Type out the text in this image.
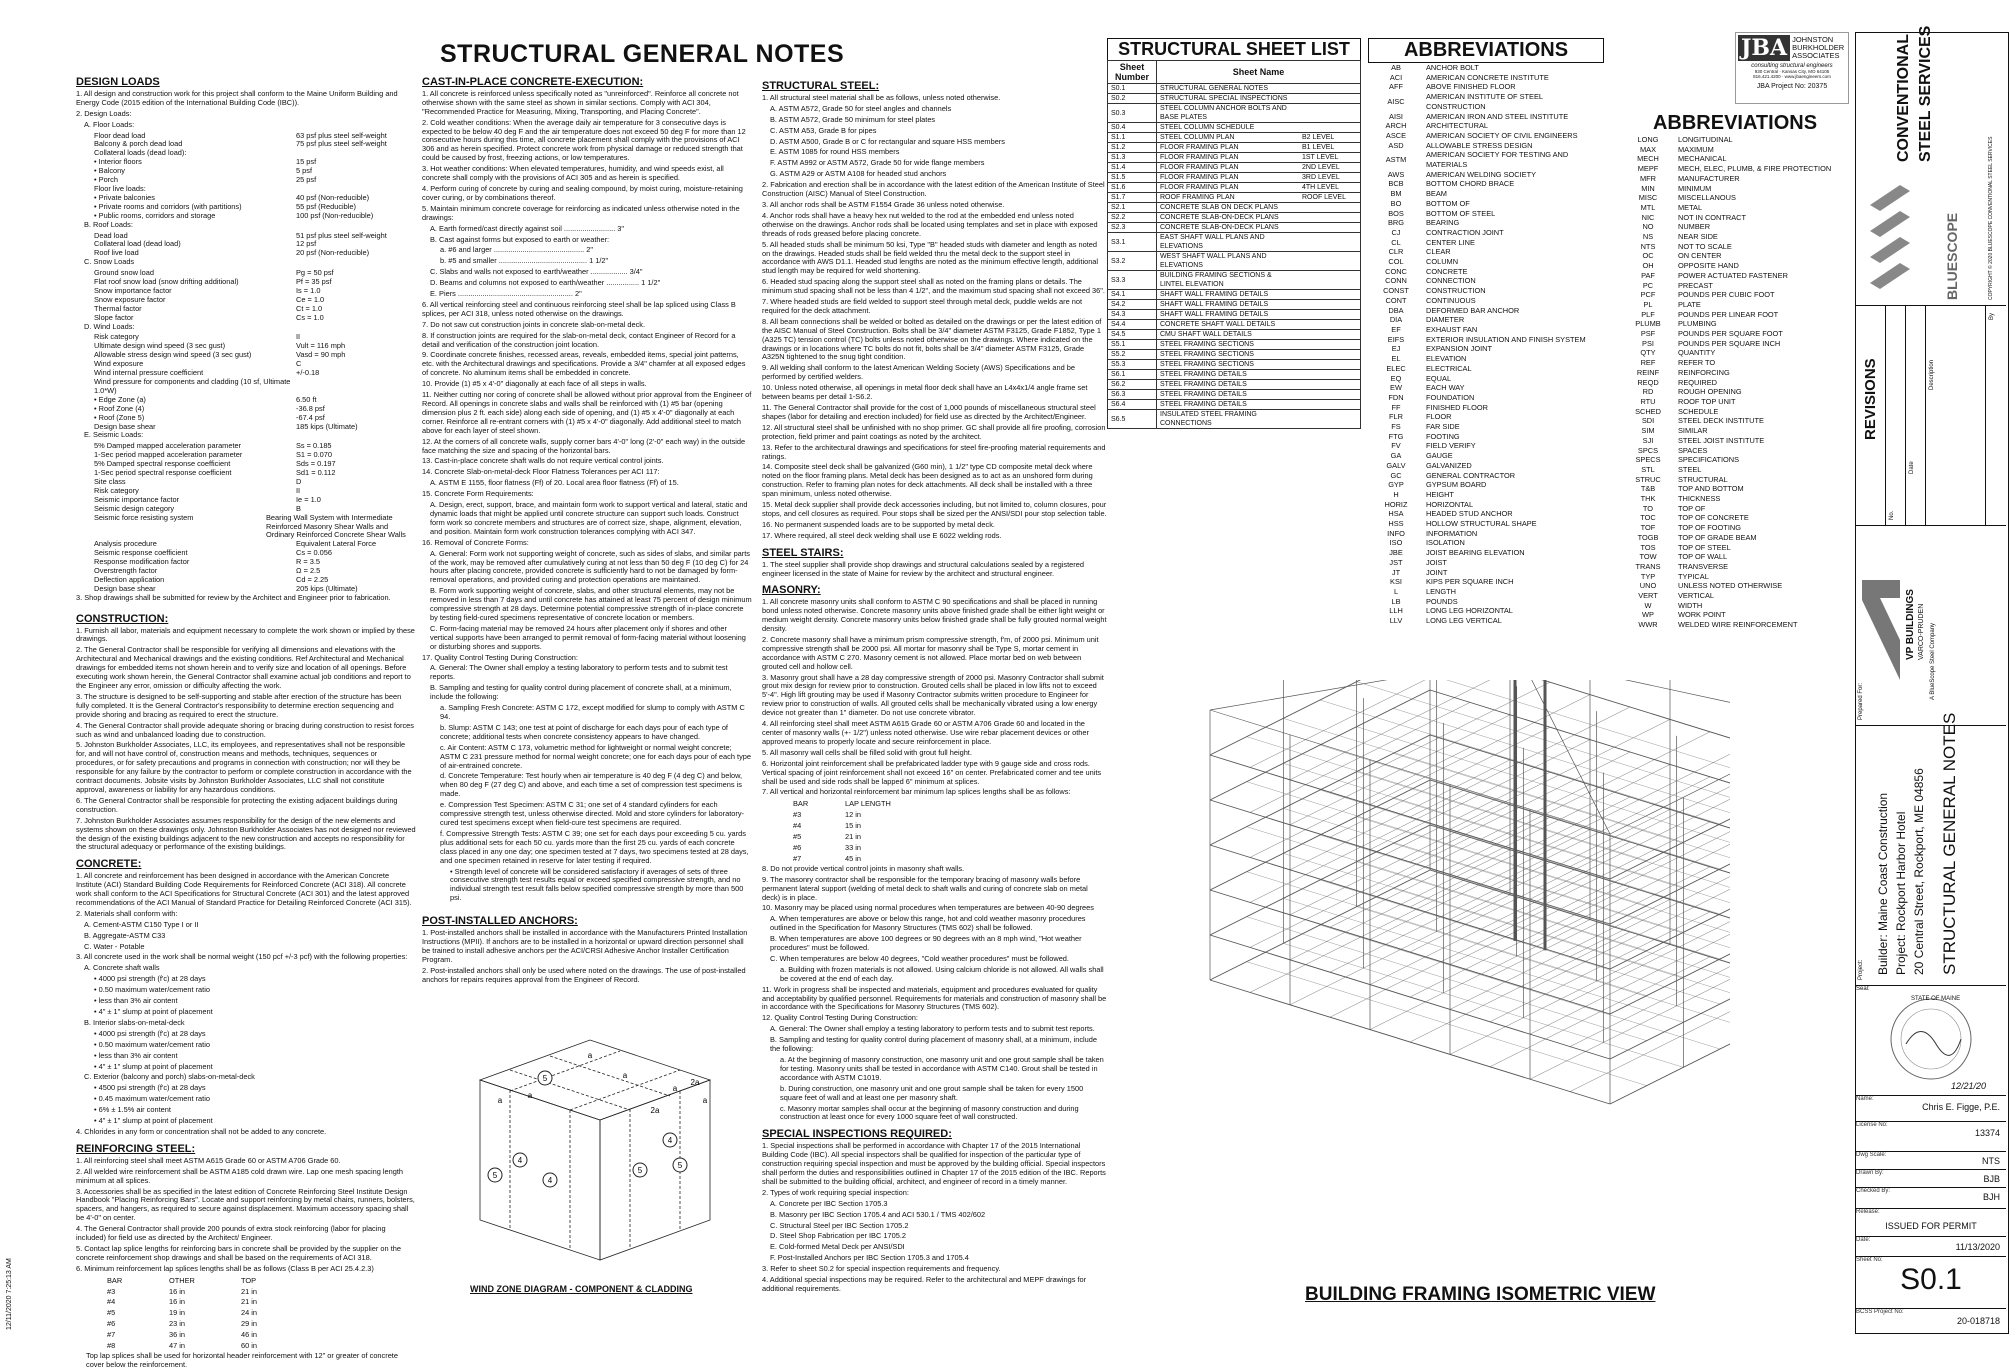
12/11/2020 7:25:13 AM
STRUCTURAL GENERAL NOTES
DESIGN LOADS

1. All design and construction work for this project shall conform to the Maine Uniform Building and Energy Code (2015 edition of the International Building Code (IBC)).

2. Design Loads:

A. Floor Loads:

Floor dead load	63 psf plus steel self-weight
Balcony & porch dead load	75 psf plus steel self-weight
Collateral loads (dead load):
• Interior floors	15 psf
• Balcony	5 psf
• Porch	25 psf
Floor live loads:
• Private balconies	40 psf (Non-reducible)
• Private rooms and corridors (with partitions)	55 psf (Reducible)
• Public rooms, corridors and storage	100 psf (Non-reducible)

B. Roof Loads:

Dead load	51 psf plus steel self-weight
Collateral load (dead load)	12 psf
Roof live load	20 psf (Non-reducible)

C. Snow Loads

Ground snow load	Pg = 50 psf
Flat roof snow load (snow drifting additional)	Pf = 35 psf
Snow importance factor	Is = 1.0
Snow exposure factor	Ce = 1.0
Thermal factor	Ct = 1.0
Slope factor	Cs = 1.0

D. Wind Loads:

Risk category	II
Ultimate design wind speed (3 sec gust)	Vult = 116 mph
Allowable stress design wind speed (3 sec gust)	Vasd = 90 mph
Wind exposure	C
Wind internal pressure coefficient	+/-0.18
Wind pressure for components and cladding (10 sf, Ultimate 1.0*W)
• Edge Zone (a)	6.50 ft
• Roof Zone (4)	-36.8 psf
• Roof (Zone 5)	-67.4 psf
Design base shear	185 kips (Ultimate)

E. Seismic Loads:

5% Damped mapped acceleration parameter	Ss = 0.185
1-Sec period mapped acceleration parameter	S1 = 0.070
5% Damped spectral response coefficient	Sds = 0.197
1-Sec period spectral response coefficient	Sd1 = 0.112
Site class	D
Risk category	II
Seismic importance factor	Ie = 1.0
Seismic design category	B
Seismic force resisting system	Bearing Wall System with Intermediate Reinforced Masonry Shear Walls and Ordinary Reinforced Concrete Shear Walls
Analysis procedure	Equivalent Lateral Force
Seismic response coefficient	Cs = 0.056
Response modification factor	R = 3.5
Overstrength factor	Ω = 2.5
Deflection application	Cd = 2.25
Design base shear	205 kips (Ultimate)

3. Shop drawings shall be submitted for review by the Architect and Engineer prior to fabrication.

CONSTRUCTION:

1. Furnish all labor, materials and equipment necessary to complete the work shown or implied by these drawings.

2. The General Contractor shall be responsible for verifying all dimensions and elevations with the Architectural and Mechanical drawings and the existing conditions. Ref Architectural and Mechanical drawings for embedded items not shown herein and to verify size and location of all openings. Before executing work shown herein, the General Contractor shall examine actual job conditions and report to the Engineer any error, omission or difficulty affecting the work.

3. The structure is designed to be self-supporting and stable after erection of the structure has been fully completed. It is the General Contractor's responsibility to determine erection sequencing and provide shoring and bracing as required to erect the structure.

4. The General Contractor shall provide adequate shoring or bracing during construction to resist forces such as wind and unbalanced loading due to construction.

5. Johnston Burkholder Associates, LLC, its employees, and representatives shall not be responsible for, and will not have control of, construction means and methods, techniques, sequences or procedures, or for safety precautions and programs in connection with construction; nor will they be responsible for any failure by the contractor to perform or complete construction in accordance with the contract documents. Jobsite visits by Johnston Burkholder Associates, LLC shall not constitute approval, awareness or liability for any hazardous conditions.

6. The General Contractor shall be responsible for protecting the existing adjacent buildings during construction.

7. Johnston Burkholder Associates assumes responsibility for the design of the new elements and systems shown on these drawings only. Johnston Burkholder Associates has not designed nor reviewed the design of the existing buildings adjacent to the new construction and accepts no responsibility for the structural adequacy or performance of the existing buildings.

CONCRETE:

1. All concrete and reinforcement has been designed in accordance with the American Concrete Institute (ACI) Standard Building Code Requirements for Reinforced Concrete (ACI 318). All concrete work shall conform to the ACI Specifications for Structural Concrete (ACI 301) and the latest approved recommendations of the ACI Manual of Standard Practice for Detailing Reinforced Concrete (ACI 315).

2. Materials shall conform with:

A. Cement-ASTM C150 Type I or II

B. Aggregate-ASTM C33

C. Water - Potable

3. All concrete used in the work shall be normal weight (150 pcf +/-3 pcf) with the following properties:

A. Concrete shaft walls

• 4000 psi strength (f'c) at 28 days

• 0.50 maximum water/cement ratio

• less than 3% air content

• 4" ± 1" slump at point of placement

B. Interior slabs-on-metal-deck

• 4000 psi strength (f'c) at 28 days

• 0.50 maximum water/cement ratio

• less than 3% air content

• 4" ± 1" slump at point of placement

C. Exterior (balcony and porch) slabs-on-metal-deck

• 4500 psi strength (f'c) at 28 days

• 0.45 maximum water/cement ratio

• 6% ± 1.5% air content

• 4" ± 1" slump at point of placement

4. Chlorides in any form or concentration shall not be added to any concrete.

REINFORCING STEEL:

1. All reinforcing steel shall meet ASTM A615 Grade 60 or ASTM A706 Grade 60.

2. All welded wire reinforcement shall be ASTM A185 cold drawn wire. Lap one mesh spacing length minimum at all splices.

3. Accessories shall be as specified in the latest edition of Concrete Reinforcing Steel Institute Design Handbook "Placing Reinforcing Bars". Locate and support reinforcing by metal chairs, runners, bolsters, spacers, and hangers, as required to secure against displacement. Maximum accessory spacing shall be 4'-0" on center.

4. The General Contractor shall provide 200 pounds of extra stock reinforcing (labor for placing included) for field use as directed by the Architect/ Engineer.

5. Contact lap splice lengths for reinforcing bars in concrete shall be provided by the supplier on the concrete reinforcement shop drawings and shall be based on the requirements of ACI 318.

6. Minimum reinforcement lap splices lengths shall be as follows (Class B per ACI 25.4.2.3)

BAR	OTHER	TOP
#3	16 in	21 in
#4	16 in	21 in
#5	19 in	24 in
#6	23 in	29 in
#7	36 in	46 in
#8	47 in	60 in

Top lap splices shall be used for horizontal header reinforcement with 12" or greater of concrete cover below the reinforcement.

CAST-IN-PLACE CONCRETE-EXECUTION:

1. All concrete is reinforced unless specifically noted as "unreinforced". Reinforce all concrete not otherwise shown with the same steel as shown in similar sections. Comply with ACI 304, "Recommended Practice for Measuring, Mixing, Transporting, and Placing Concrete".

2. Cold weather conditions: When the average daily air temperature for 3 consecutive days is expected to be below 40 deg F and the air temperature does not exceed 50 deg F for more than 12 consecutive hours during this time, all concrete placement shall comply with the provisions of ACI 306 and as herein specified. Protect concrete work from physical damage or reduced strength that could be caused by frost, freezing actions, or low temperatures.

3. Hot weather conditions: When elevated temperatures, humidity, and wind speeds exist, all concrete shall comply with the provisions of ACI 305 and as herein is specified.

4. Perform curing of concrete by curing and sealing compound, by moist curing, moisture-retaining cover curing, or by combinations thereof.

5. Maintain minimum concrete coverage for reinforcing as indicated unless otherwise noted in the drawings:

A. Earth formed/cast directly against soil ......................... 3"

B. Cast against forms but exposed to earth or weather:

a. #6 and larger ............................................ 2"

b. #5 and smaller ........................................... 1 1/2"

C. Slabs and walls not exposed to earth/weather .................. 3/4"

D. Beams and columns not exposed to earth/weather ................ 1 1/2"

E. Piers ........................................................ 2"

6. All vertical reinforcing steel and continuous reinforcing steel shall be lap spliced using Class B splices, per ACI 318, unless noted otherwise on the drawings.

7. Do not saw cut construction joints in concrete slab-on-metal deck.

8. If construction joints are required for the slab-on-metal deck, contact Engineer of Record for a detail and verification of the construction joint location.

9. Coordinate concrete finishes, recessed areas, reveals, embedded items, special joint patterns, etc. with the Architectural drawings and specifications. Provide a 3/4" chamfer at all exposed edges of concrete. No aluminum items shall be embedded in concrete.

10. Provide (1) #5 x 4'-0" diagonally at each face of all steps in walls.

11. Neither cutting nor coring of concrete shall be allowed without prior approval from the Engineer of Record. All openings in concrete slabs and walls shall be reinforced with (1) #5 bar (opening dimension plus 2 ft. each side) along each side of opening, and (1) #5 x 4'-0" diagonally at each corner. Reinforce all re-entrant corners with (1) #5 x 4'-0" diagonally. Add additional steel to match above for each layer of steel shown.

12. At the corners of all concrete walls, supply corner bars 4'-0" long (2'-0" each way) in the outside face matching the size and spacing of the horizontal bars.

13. Cast-in-place concrete shaft walls do not require vertical control joints.

14. Concrete Slab-on-metal-deck Floor Flatness Tolerances per ACI 117:

A. ASTM E 1155, floor flatness (Ff) of 20. Local area floor flatness (Ff) of 15.

15. Concrete Form Requirements:

A. Design, erect, support, brace, and maintain form work to support vertical and lateral, static and dynamic loads that might be applied until concrete structure can support such loads. Construct form work so concrete members and structures are of correct size, shape, alignment, elevation, and position. Maintain form work construction tolerances complying with ACI 347.

16. Removal of Concrete Forms:

A. General: Form work not supporting weight of concrete, such as sides of slabs, and similar parts of the work, may be removed after cumulatively curing at not less than 50 deg F (10 deg C) for 24 hours after placing concrete, provided concrete is sufficiently hard to not be damaged by form-removal operations, and provided curing and protection operations are maintained.

B. Form work supporting weight of concrete, slabs, and other structural elements, may not be removed in less than 7 days and until concrete has attained at least 75 percent of design minimum compressive strength at 28 days. Determine potential compressive strength of in-place concrete by testing field-cured specimens representative of concrete location or members.

C. Form-facing material may be removed 24 hours after placement only if shores and other vertical supports have been arranged to permit removal of form-facing material without loosening or disturbing shores and supports.

17. Quality Control Testing During Construction:

A. General: The Owner shall employ a testing laboratory to perform tests and to submit test reports.

B. Sampling and testing for quality control during placement of concrete shall, at a minimum, include the following:

a. Sampling Fresh Concrete: ASTM C 172, except modified for slump to comply with ASTM C 94.

b. Slump: ASTM C 143; one test at point of discharge for each days pour of each type of concrete; additional tests when concrete consistency appears to have changed.

c. Air Content: ASTM C 173, volumetric method for lightweight or normal weight concrete; ASTM C 231 pressure method for normal weight concrete; one for each days pour of each type of air-entrained concrete.

d. Concrete Temperature: Test hourly when air temperature is 40 deg F (4 deg C) and below, when 80 deg F (27 deg C) and above, and each time a set of compression test specimens is made.

e. Compression Test Specimen: ASTM C 31; one set of 4 standard cylinders for each compressive strength test, unless otherwise directed. Mold and store cylinders for laboratory-cured test specimens except when field-cure test specimens are required.

f. Compressive Strength Tests: ASTM C 39; one set for each days pour exceeding 5 cu. yards plus additional sets for each 50 cu. yards more than the first 25 cu. yards of each concrete class placed in any one day; one specimen tested at 7 days, two specimens tested at 28 days, and one specimen retained in reserve for later testing if required.

• Strength level of concrete will be considered satisfactory if averages of sets of three consecutive strength test results equal or exceed specified compressive strength, and no individual strength test result falls below specified compressive strength by more than 500 psi.

POST-INSTALLED ANCHORS:

1. Post-installed anchors shall be installed in accordance with the Manufacturers Printed Installation Instructions (MPII). If anchors are to be installed in a horizontal or upward direction personnel shall be trained to install adhesive anchors per the ACI/CRSI Adhesive Anchor Installer Certification Program.

2. Post-installed anchors shall only be used where noted on the drawings. The use of post-installed anchors for repairs requires approval from the Engineer of Record.

4
5
4
5
5
4
5
a
a
2a
a
2a
a
a	a
WIND ZONE DIAGRAM - COMPONENT & CLADDING
STRUCTURAL STEEL:

1. All structural steel material shall be as follows, unless noted otherwise.

A. ASTM A572, Grade 50 for steel angles and channels

B. ASTM A572, Grade 50 minimum for steel plates

C. ASTM A53, Grade B for pipes

D. ASTM A500, Grade B or C for rectangular and square HSS members

E. ASTM 1085 for round HSS members

F. ASTM A992 or ASTM A572, Grade 50 for wide flange members

G. ASTM A29 or ASTM A108 for headed stud anchors

2. Fabrication and erection shall be in accordance with the latest edition of the American Institute of Steel Construction (AISC) Manual of Steel Construction.

3. All anchor rods shall be ASTM F1554 Grade 36 unless noted otherwise.

4. Anchor rods shall have a heavy hex nut welded to the rod at the embedded end unless noted otherwise on the drawings. Anchor rods shall be located using templates and set in place with exposed threads of rods greased before placing concrete.

5. All headed studs shall be minimum 50 ksi, Type "B" headed studs with diameter and length as noted on the drawings. Headed studs shall be field welded thru the metal deck to the support steel in accordance with AWS D1.1. Headed stud lengths are noted as the minimum effective length, additional stud length may be required for weld shortening.

6. Headed stud spacing along the support steel shall as noted on the framing plans or details. The minimum stud spacing shall not be less than 4 1/2", and the maximum stud spacing shall not exceed 36".

7. Where headed studs are field welded to support steel through metal deck, puddle welds are not required for the deck attachment.

8. All beam connections shall be welded or bolted as detailed on the drawings or per the latest edition of the AISC Manual of Steel Construction. Bolts shall be 3/4" diameter ASTM F3125, Grade F1852, Type 1 (A325 TC) tension control (TC) bolts unless noted otherwise on the drawings. Where indicated on the drawings or in locations where TC bolts do not fit, bolts shall be 3/4" diameter ASTM F3125, Grade A325N tightened to the snug tight condition.

9. All welding shall conform to the latest American Welding Society (AWS) Specifications and be performed by certified welders.

10. Unless noted otherwise, all openings in metal floor deck shall have an L4x4x1/4 angle frame set between beams per detail 1-S6.2.

11. The General Contractor shall provide for the cost of 1,000 pounds of miscellaneous structural steel shapes (labor for detailing and erection included) for field use as directed by the Architect/Engineer.

12. All structural steel shall be unfinished with no shop primer. GC shall provide all fire proofing, corrosion protection, field primer and paint coatings as noted by the architect.

13. Refer to the architectural drawings and specifications for steel fire-proofing material requirements and ratings.

14. Composite steel deck shall be galvanized (G60 min), 1 1/2" type CD composite metal deck where noted on the floor framing plans. Metal deck has been designed as to act as an unshored form during construction. Refer to framing plan notes for deck attachments. All deck shall be installed with a three span minimum, unless noted otherwise.

15. Metal deck supplier shall provide deck accessories including, but not limited to, column closures, pour stops, and cell closures as required. Pour stops shall be sized per the ANSI/SDI pour stop selection table.

16. No permanent suspended loads are to be supported by metal deck.

17. Where required, all steel deck welding shall use E 6022 welding rods.

STEEL STAIRS:

1. The steel supplier shall provide shop drawings and structural calculations sealed by a registered engineer licensed in the state of Maine for review by the architect and structural engineer.

MASONRY:

1. All concrete masonry units shall conform to ASTM C 90 specifications and shall be placed in running bond unless noted otherwise. Concrete masonry units above finished grade shall be either light weight or medium weight density. Concrete masonry units below finished grade shall be fully grouted normal weight density.

2. Concrete masonry shall have a minimum prism compressive strength, f'm, of 2000 psi. Minimum unit compressive strength shall be 2000 psi. All mortar for masonry shall be Type S, mortar cement in accordance with ASTM C 270. Masonry cement is not allowed. Place mortar bed on web between grouted cell and hollow cell.

3. Masonry grout shall have a 28 day compressive strength of 2000 psi. Masonry Contractor shall submit grout mix design for review prior to construction. Grouted cells shall be placed in low lifts not to exceed 5'-4". High lift grouting may be used if Masonry Contractor submits written procedure to Engineer for review prior to construction of walls. All grouted cells shall be mechanically vibrated using a low energy device not greater than 1" diameter. Do not use concrete vibrator.

4. All reinforcing steel shall meet ASTM A615 Grade 60 or ASTM A706 Grade 60 and located in the center of masonry walls (+- 1/2") unless noted otherwise. Use wire rebar placement devices or other approved means to properly locate and secure reinforcement in place.

5. All masonry wall cells shall be filled solid with grout full height.

6. Horizontal joint reinforcement shall be prefabricated ladder type with 9 gauge side and cross rods. Vertical spacing of joint reinforcement shall not exceed 16" on center. Prefabricated corner and tee units shall be used and side rods shall be lapped 6" minimum at splices.

7. All vertical and horizontal reinforcement bar minimum lap splices lengths shall be as follows:

BAR	LAP LENGTH
#3	12 in
#4	15 in
#5	21 in
#6	33 in
#7	45 in

8. Do not provide vertical control joints in masonry shaft walls.

9. The masonry contractor shall be responsible for the temporary bracing of masonry walls before permanent lateral support (welding of metal deck to shaft walls and curing of concrete slab on metal deck) is in place.

10. Masonry may be placed using normal procedures when temperatures are between 40-90 degrees

A. When temperatures are above or below this range, hot and cold weather masonry procedures outlined in the Specification for Masonry Structures (TMS 602) shall be followed.

B. When temperatures are above 100 degrees or 90 degrees with an 8 mph wind, "Hot weather procedures" must be followed.

C. When temperatures are below 40 degrees, "Cold weather procedures" must be followed.

a. Building with frozen materials is not allowed. Using calcium chloride is not allowed. All walls shall be covered at the end of each day.

11. Work in progress shall be inspected and materials, equipment and procedures evaluated for quality and acceptability by qualified personnel. Requirements for materials and construction of masonry shall be in accordance with the Specifications for Masonry Structures (TMS 602).

12. Quality Control Testing During Construction:

A. General: The Owner shall employ a testing laboratory to perform tests and to submit test reports.

B. Sampling and testing for quality control during placement of masonry shall, at a minimum, include the following:

a. At the beginning of masonry construction, one masonry unit and one grout sample shall be taken for testing. Masonry units shall be tested in accordance with ASTM C140. Grout shall be tested in accordance with ASTM C1019.

b. During construction, one masonry unit and one grout sample shall be taken for every 1500 square feet of wall and at least one per masonry shaft.

c. Masonry mortar samples shall occur at the beginning of masonry construction and during construction at least once for every 1000 square feet of wall constructed.

SPECIAL INSPECTIONS REQUIRED:

1. Special inspections shall be performed in accordance with Chapter 17 of the 2015 International Building Code (IBC). All special inspectors shall be qualified for inspection of the particular type of construction requiring special inspection and must be approved by the building official. Special inspectors shall perform the duties and responsibilities outlined in Chapter 17 of the 2015 edition of the IBC. Reports shall be submitted to the building official, architect, and engineer of record in a timely manner.

2. Types of work requiring special inspection:

A. Concrete per IBC Section 1705.3

B. Masonry per IBC Section 1705.4 and ACI 530.1 / TMS 402/602

C. Structural Steel per IBC Section 1705.2

D. Steel Shop Fabrication per IBC 1705.2

E. Cold-formed Metal Deck per ANSI/SDI

F. Post-Installed Anchors per IBC Section 1705.3 and 1705.4

3. Refer to sheet S0.2 for special inspection requirements and frequency.

4. Additional special inspections may be required. Refer to the architectural and MEPF drawings for additional requirements.

STRUCTURAL SHEET LIST
Sheet Number	Sheet Name	
S0.1	STRUCTURAL GENERAL NOTES	
S0.2	STRUCTURAL SPECIAL INSPECTIONS	
S0.3	STEEL COLUMN ANCHOR BOLTS AND BASE PLATES	
S0.4	STEEL COLUMN SCHEDULE	
S1.1	STEEL COLUMN PLAN	B2 LEVEL
S1.2	FLOOR FRAMING PLAN	B1 LEVEL
S1.3	FLOOR FRAMING PLAN	1ST LEVEL
S1.4	FLOOR FRAMING PLAN	2ND LEVEL
S1.5	FLOOR FRAMING PLAN	3RD LEVEL
S1.6	FLOOR FRAMING PLAN	4TH LEVEL
S1.7	ROOF FRAMING PLAN	ROOF LEVEL
S2.1	CONCRETE SLAB ON DECK PLANS	
S2.2	CONCRETE SLAB-ON-DECK PLANS	
S2.3	CONCRETE SLAB-ON-DECK PLANS	
S3.1	EAST SHAFT WALL PLANS AND ELEVATIONS	
S3.2	WEST SHAFT WALL PLANS AND ELEVATIONS	
S3.3	BUILDING FRAMING SECTIONS & LINTEL ELEVATION	
S4.1	SHAFT WALL FRAMING DETAILS	
S4.2	SHAFT WALL FRAMING DETAILS	
S4.3	SHAFT WALL FRAMING DETAILS	
S4.4	CONCRETE SHAFT WALL DETAILS	
S4.5	CMU SHAFT WALL DETAILS	
S5.1	STEEL FRAMING SECTIONS	
S5.2	STEEL FRAMING SECTIONS	
S5.3	STEEL FRAMING SECTIONS	
S6.1	STEEL FRAMING DETAILS	
S6.2	STEEL FRAMING DETAILS	
S6.3	STEEL FRAMING DETAILS	
S6.4	STEEL FRAMING DETAILS	
S6.5	INSULATED STEEL FRAMING CONNECTIONS	
ABBREVIATIONS
AB	ANCHOR BOLT
ACI	AMERICAN CONCRETE INSTITUTE
AFF	ABOVE FINISHED FLOOR
AISC	AMERICAN INSTITUTE OF STEEL CONSTRUCTION
AISI	AMERICAN IRON AND STEEL INSTITUTE
ARCH	ARCHITECTURAL
ASCE	AMERICAN SOCIETY OF CIVIL ENGINEERS
ASD	ALLOWABLE STRESS DESIGN
ASTM	AMERICAN SOCIETY FOR TESTING AND MATERIALS
AWS	AMERICAN WELDING SOCIETY
BCB	BOTTOM CHORD BRACE
BM	BEAM
BO	BOTTOM OF
BOS	BOTTOM OF STEEL
BRG	BEARING
CJ	CONTRACTION JOINT
CL	CENTER LINE
CLR	CLEAR
COL	COLUMN
CONC	CONCRETE
CONN	CONNECTION
CONST	CONSTRUCTION
CONT	CONTINUOUS
DBA	DEFORMED BAR ANCHOR
DIA	DIAMETER
EF	EXHAUST FAN
EIFS	EXTERIOR INSULATION AND FINISH SYSTEM
EJ	EXPANSION JOINT
EL	ELEVATION
ELEC	ELECTRICAL
EQ	EQUAL
EW	EACH WAY
FDN	FOUNDATION
FF	FINISHED FLOOR
FLR	FLOOR
FS	FAR SIDE
FTG	FOOTING
FV	FIELD VERIFY
GA	GAUGE
GALV	GALVANIZED
GC	GENERAL CONTRACTOR
GYP	GYPSUM BOARD
H	HEIGHT
HORIZ	HORIZONTAL
HSA	HEADED STUD ANCHOR
HSS	HOLLOW STRUCTURAL SHAPE
INFO	INFORMATION
ISO	ISOLATION
JBE	JOIST BEARING ELEVATION
JST	JOIST
JT	JOINT
KSI	KIPS PER SQUARE INCH
L	LENGTH
LB	POUNDS
LLH	LONG LEG HORIZONTAL
LLV	LONG LEG VERTICAL
JBA JOHNSTON
BURKHOLDER
ASSOCIATES
consulting structural engineers
930 Central · Kansas City, MO 64105
816.421.4200 · www.jbaengineers.com
JBA Project No: 20375
ABBREVIATIONS
LONG	LONGITUDINAL
MAX	MAXIMUM
MECH	MECHANICAL
MEPF	MECH, ELEC, PLUMB, & FIRE PROTECTION
MFR	MANUFACTURER
MIN	MINIMUM
MISC	MISCELLANOUS
MTL	METAL
NIC	NOT IN CONTRACT
NO	NUMBER
NS	NEAR SIDE
NTS	NOT TO SCALE
OC	ON CENTER
OH	OPPOSITE HAND
PAF	POWER ACTUATED FASTENER
PC	PRECAST
PCF	POUNDS PER CUBIC FOOT
PL	PLATE
PLF	POUNDS PER LINEAR FOOT
PLUMB	PLUMBING
PSF	POUNDS PER SQUARE FOOT
PSI	POUNDS PER SQUARE INCH
QTY	QUANTITY
REF	REFER TO
REINF	REINFORCING
REQD	REQUIRED
RD	ROUGH OPENING
RTU	ROOF TOP UNIT
SCHED	SCHEDULE
SDI	STEEL DECK INSTITUTE
SIM	SIMILAR
SJI	STEEL JOIST INSTITUTE
SPCS	SPACES
SPECS	SPECIFICATIONS
STL	STEEL
STRUC	STRUCTURAL
T&B	TOP AND BOTTOM
THK	THICKNESS
TO	TOP OF
TOC	TOP OF CONCRETE
TOF	TOP OF FOOTING
TOGB	TOP OF GRADE BEAM
TOS	TOP OF STEEL
TOW	TOP OF WALL
TRANS	TRANSVERSE
TYP	TYPICAL
UNO	UNLESS NOTED OTHERWISE
VERT	VERTICAL
W	WIDTH
WP	WORK POINT
WWR	WELDED WIRE REINFORCEMENT
BUILDING FRAMING ISOMETRIC VIEW
CONVENTIONAL STEEL SERVICES
BLUESCOPE	COPYRIGHT © 2020 BLUESCOPE CONVENTIONAL STEEL SERVICES
REVISIONS
No.
Date
Description
By
VP BUILDINGS VARCO-PRUDEN A BlueScope Steel Company
Prepared For:
Project: Builder: Maine Coast Construction Project: Rockport Harbor Hotel 20 Central Street, Rockport, ME 04856 STRUCTURAL GENERAL NOTES
Seal:
STATE OF MAINE
12/21/20
Name:
Chris E. Figge, P.E.
License No:
13374
Dwg Scale:
NTS
Drawn By:
BJB
Checked By:
BJH
Release:
ISSUED FOR PERMIT
Date:
11/13/2020
Sheet No:
S0.1
BCSS Project No:
20-018718
